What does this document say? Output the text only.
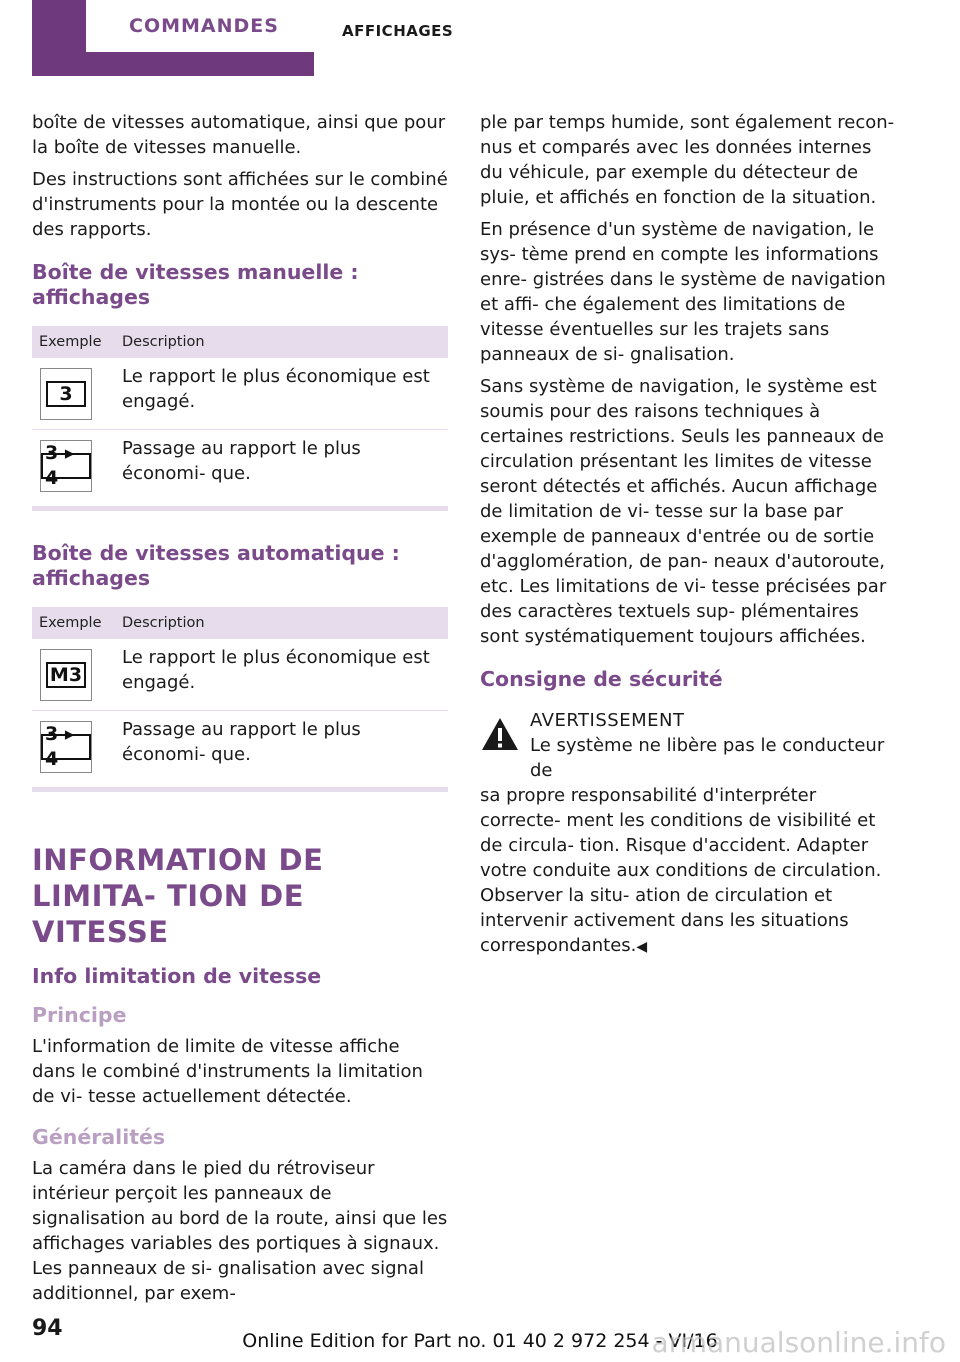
COMMANDES	AFFICHAGES

boîte de vitesses automatique, ainsi que pour la boîte de vitesses manuelle.

Des instructions sont affichées sur le combiné d'instruments pour la montée ou la descente des rapports.

Boîte de vitesses manuelle : affichages
Exemple	Description

3	Le rapport le plus économique est engagé.

3 ▸ 4	Passage au rapport le plus économi‑ que.
Boîte de vitesses automatique : affichages
Exemple	Description

M3	Le rapport le plus économique est engagé.

3 ▸ 4	Passage au rapport le plus économi‑ que.
INFORMATION DE LIMITA‑ TION DE VITESSE
Info limitation de vitesse
Principe

L'information de limite de vitesse affiche dans le combiné d'instruments la limitation de vi‑ tesse actuellement détectée.

Généralités

La caméra dans le pied du rétroviseur intérieur perçoit les panneaux de signalisation au bord de la route, ainsi que les affichages variables des portiques à signaux. Les panneaux de si‑ gnalisation avec signal additionnel, par exem‑

ple par temps humide, sont également recon‑ nus et comparés avec les données internes du véhicule, par exemple du détecteur de pluie, et affichés en fonction de la situation.

En présence d'un système de navigation, le sys‑ tème prend en compte les informations enre‑ gistrées dans le système de navigation et affi‑ che également des limitations de vitesse éventuelles sur les trajets sans panneaux de si‑ gnalisation.

Sans système de navigation, le système est soumis pour des raisons techniques à certaines restrictions. Seuls les panneaux de circulation présentant les limites de vitesse seront détectés et affichés. Aucun affichage de limitation de vi‑ tesse sur la base par exemple de panneaux d'entrée ou de sortie d'agglomération, de pan‑ neaux d'autoroute, etc. Les limitations de vi‑ tesse précisées par des caractères textuels sup‑ plémentaires sont systématiquement toujours affichées.

Consigne de sécurité
AVERTISSEMENT
Le système ne libère pas le conducteur de
sa propre responsabilité d'interpréter correcte‑ ment les conditions de visibilité et de circula‑ tion. Risque d'accident. Adapter votre conduite aux conditions de circulation. Observer la situ‑ ation de circulation et intervenir activement dans les situations correspondantes.◀
94	Online Edition for Part no. 01 40 2 972 254 - VI/16
armanualsonline.info
